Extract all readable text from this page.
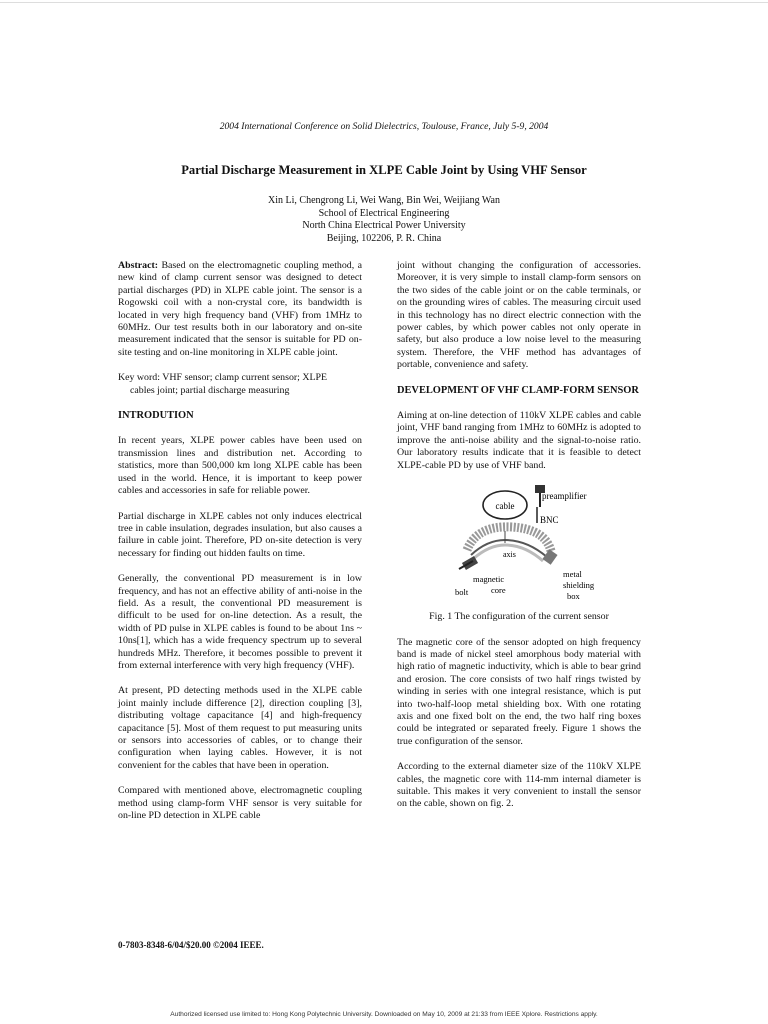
2004 International Conference on Solid Dielectrics, Toulouse, France, July 5-9, 2004
Partial Discharge Measurement in XLPE Cable Joint by Using VHF Sensor
Xin Li, Chengrong Li, Wei Wang, Bin Wei, Weijiang Wan
School of Electrical Engineering
North China Electrical Power University
Beijing, 102206, P. R. China

Abstract: Based on the electromagnetic coupling method, a new kind of clamp current sensor was designed to detect partial discharges (PD) in XLPE cable joint. The sensor is a Rogowski coil with a non-crystal core, its bandwidth is located in very high frequency band (VHF) from 1MHz to 60MHz. Our test results both in our laboratory and on-site measurement indicated that the sensor is suitable for PD on-site testing and on-line monitoring in XLPE cable joint.

Key word: VHF sensor; clamp current sensor; XLPE
cables joint; partial discharge measuring

INTRODUTION

In recent years, XLPE power cables have been used on transmission lines and distribution net. According to statistics, more than 500,000 km long XLPE cable has been used in the world. Hence, it is important to keep power cables and accessories in safe for reliable power.

Partial discharge in XLPE cables not only induces electrical tree in cable insulation, degrades insulation, but also causes a failure in cable joint. Therefore, PD on-site detection is very necessary for finding out hidden faults on time.

Generally, the conventional PD measurement is in low frequency, and has not an effective ability of anti-noise in the field. As a result, the conventional PD measurement is difficult to be used for on-line detection. As a result, the width of PD pulse in XLPE cables is found to be about 1ns ~ 10ns[1], which has a wide frequency spectrum up to several hundreds MHz. Therefore, it becomes possible to prevent it from external interference with very high frequency (VHF).

At present, PD detecting methods used in the XLPE cable joint mainly include difference [2], direction coupling [3], distributing voltage capacitance [4] and high-frequency capacitance [5]. Most of them request to put measuring units or sensors into accessories of cables, or to change their configuration when laying cables. However, it is not convenient for the cables that have been in operation.

Compared with mentioned above, electromagnetic coupling method using clamp-form VHF sensor is very suitable for on-line PD detection in XLPE cable

joint without changing the configuration of accessories. Moreover, it is very simple to install clamp-form sensors on the two sides of the cable joint or on the cable terminals, or on the grounding wires of cables. The measuring circuit used in this technology has no direct electric connection with the power cables, by which power cables not only operate in safety, but also produce a low noise level to the measuring system. Therefore, the VHF method has advantages of portable, convenience and safety.

DEVELOPMENT OF VHF CLAMP-FORM SENSOR

Aiming at on-line detection of 110kV XLPE cables and cable joint, VHF band ranging from 1MHz to 60MHz is adopted to improve the anti-noise ability and the signal-to-noise ratio. Our laboratory results indicate that it is feasible to detect XLPE-cable PD by use of VHF band.

cable
preamplifier
BNC
axis
magnetic
core
bolt
metal
shielding
box
Fig. 1 The configuration of the current sensor

The magnetic core of the sensor adopted on high frequency band is made of nickel steel amorphous body material with high ratio of magnetic inductivity, which is able to bear grind and erosion. The core consists of two half rings twisted by winding in series with one integral resistance, which is put into two-half-loop metal shielding box. With one rotating axis and one fixed bolt on the end, the two half ring boxes could be integrated or separated freely. Figure 1 shows the true configuration of the sensor.

According to the external diameter size of the 110kV XLPE cables, the magnetic core with 114-mm internal diameter is suitable. This makes it very convenient to install the sensor on the cable, shown on fig. 2.

0-7803-8348-6/04/$20.00 ©2004 IEEE.
Authorized licensed use limited to: Hong Kong Polytechnic University. Downloaded on May 10, 2009 at 21:33 from IEEE Xplore. Restrictions apply.
